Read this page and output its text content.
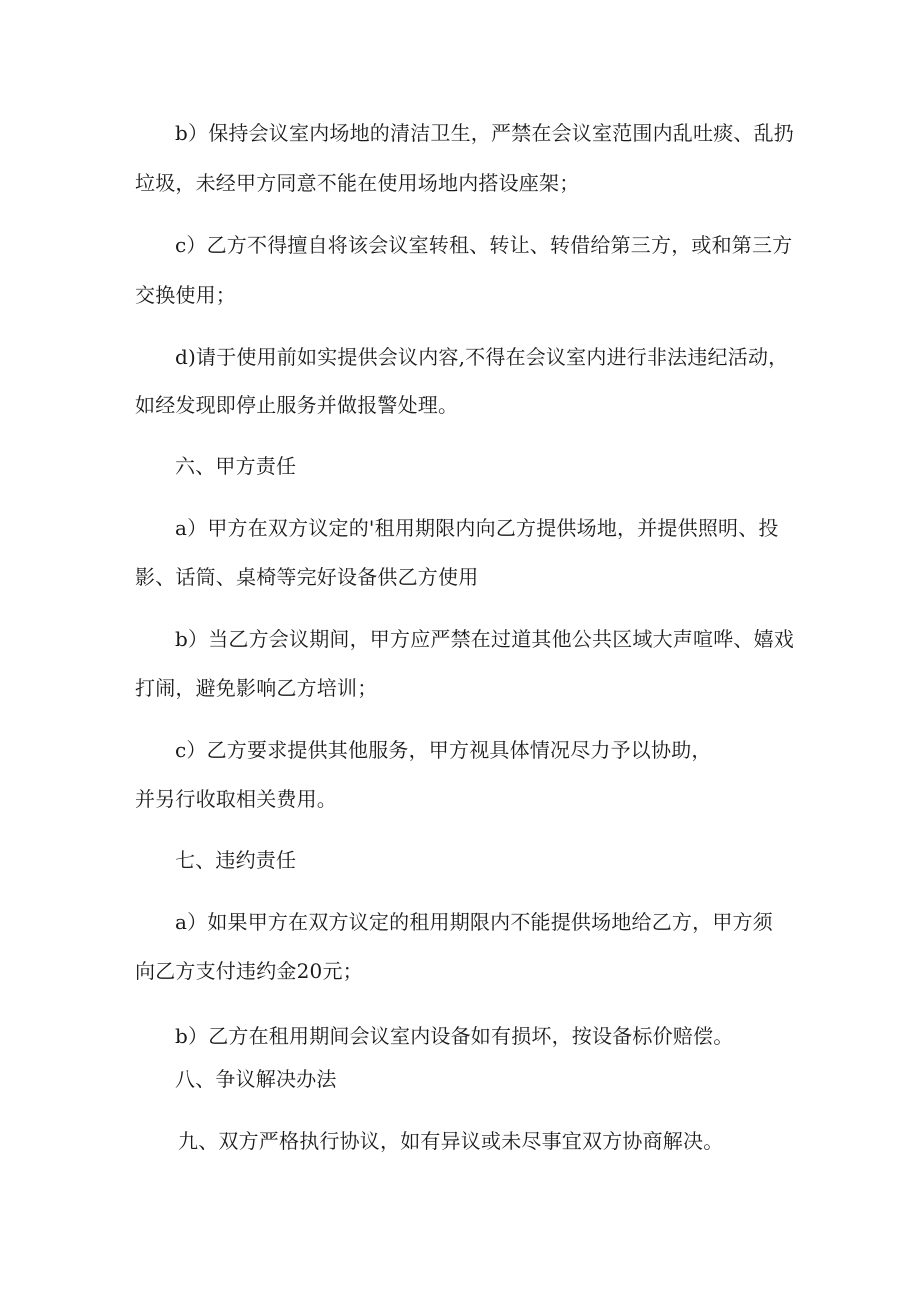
b）保持会议室内场地的清洁卫生，严禁在会议室范围内乱吐痰、乱扔
垃圾，未经甲方同意不能在使用场地内搭设座架；
c）乙方不得擅自将该会议室转租、转让、转借给第三方，或和第三方
交换使用；
d)请于使用前如实提供会议内容,不得在会议室内进行非法违纪活动，
如经发现即停止服务并做报警处理。
六、甲方责任
a）甲方在双方议定的'租用期限内向乙方提供场地，并提供照明、投
影、话筒、桌椅等完好设备供乙方使用
b）当乙方会议期间，甲方应严禁在过道其他公共区域大声喧哗、嬉戏
打闹，避免影响乙方培训；
c）乙方要求提供其他服务，甲方视具体情况尽力予以协助，
并另行收取相关费用。
七、违约责任
a）如果甲方在双方议定的租用期限内不能提供场地给乙方，甲方须
向乙方支付违约金20元；
b）乙方在租用期间会议室内设备如有损坏，按设备标价赔偿。
八、争议解决办法
九、双方严格执行协议，如有异议或未尽事宜双方协商解决。
